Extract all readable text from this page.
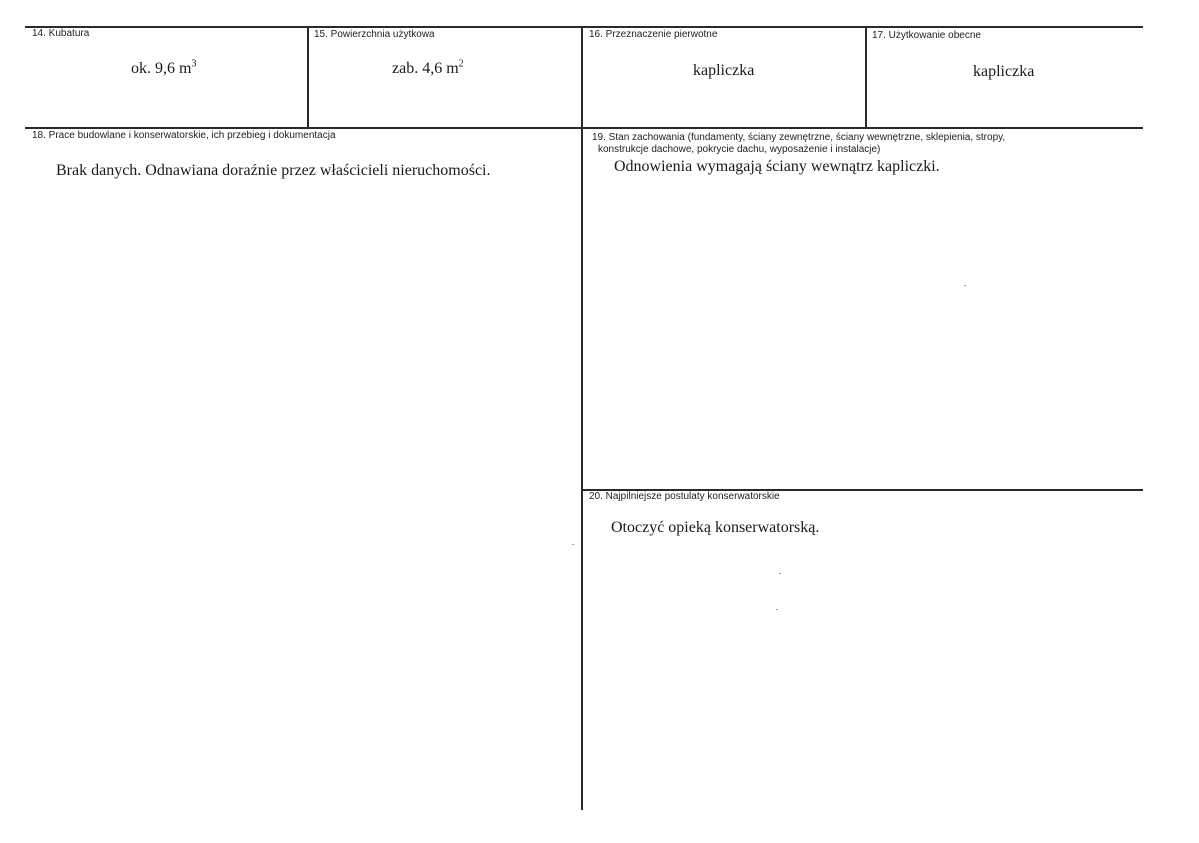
14. Kubatura
ok. 9,6 $m^3$
15. Powierzchnia użytkowa
zab. 4,6 $m^2$
16. Przeznaczenie pierwotne
kapliczka
17. Użytkowanie obecne
kapliczka
18. Prace budowlane i konserwatorskie, ich przebieg i dokumentacja
Brak danych. Odnawiana doraźnie przez właścicieli nieruchomości.
19. Stan zachowania (fundamenty, ściany zewnętrzne, ściany wewnętrzne, sklepienia, stropy,
konstrukcje dachowe, pokrycie dachu, wyposażenie i instalacje)
Odnowienia wymagają ściany wewnątrz kapliczki.
20. Najpilniejsze postulaty konserwatorskie
Otoczyć opieką konserwatorską.
